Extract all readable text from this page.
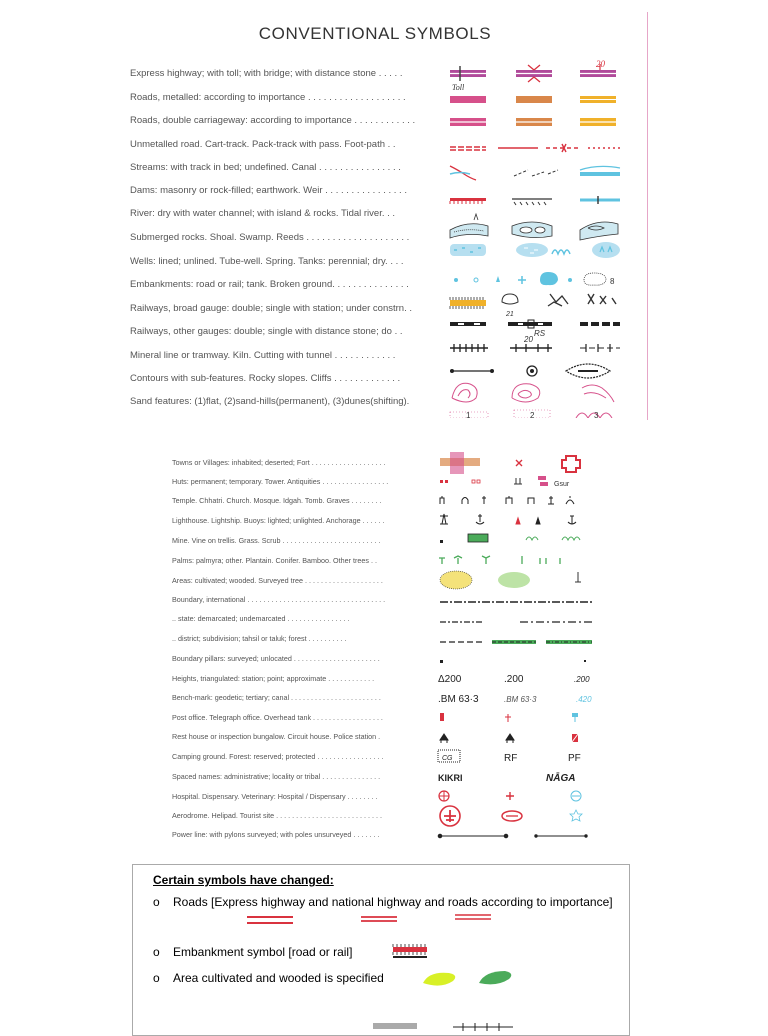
CONVENTIONAL SYMBOLS
Express highway; with toll; with bridge; with distance stone . . . . .
Roads, metalled: according to importance . . . . . . . . . . . . . . . . . . .
Roads, double carriageway: according to importance . . . . . . . . . . . .
Unmetalled road. Cart-track. Pack-track with pass. Foot-path . .
Streams: with track in bed; undefined. Canal . . . . . . . . . . . . . . . .
Dams: masonry or rock-filled; earthwork. Weir . . . . . . . . . . . . . . . .
River: dry with water channel; with island & rocks. Tidal river. . .
Submerged rocks. Shoal. Swamp. Reeds . . . . . . . . . . . . . . . . . . . .
Wells: lined; unlined. Tube-well. Spring. Tanks: perennial; dry. . . .
Embankments: road or rail; tank. Broken ground. . . . . . . . . . . . . . .
Railways, broad gauge: double; single with station; under constrn. .
Railways, other gauges: double; single with distance stone; do . .
Mineral line or tramway. Kiln. Cutting with tunnel . . . . . . . . . . . .
Contours with sub-features. Rocky slopes. Cliffs . . . . . . . . . . . . .
Sand features: (1)flat, (2)sand-hills(permanent), (3)dunes(shifting).
Toll
20
8
21
RS
20
1	2	3
Towns or Villages: inhabited; deserted; Fort . . . . . . . . . . . . . . . . . . .
Huts: permanent; temporary. Tower. Antiquities . . . . . . . . . . . . . . . . .
Temple. Chhatri. Church. Mosque. Idgah. Tomb. Graves . . . . . . . .
Lighthouse. Lightship. Buoys: lighted; unlighted. Anchorage . . . . . .
Mine. Vine on trellis. Grass. Scrub . . . . . . . . . . . . . . . . . . . . . . . . .
Palms: palmyra; other. Plantain. Conifer. Bamboo. Other trees . .
Areas: cultivated; wooded. Surveyed tree . . . . . . . . . . . . . . . . . . . .
Boundary, international . . . . . . . . . . . . . . . . . . . . . . . . . . . . . . . . . . .
.. state: demarcated; undemarcated . . . . . . . . . . . . . . . .
.. district; subdivision; tahsil or taluk; forest . . . . . . . . . .
Boundary pillars: surveyed; unlocated . . . . . . . . . . . . . . . . . . . . . .
Heights, triangulated: station; point; approximate . . . . . . . . . . . .
Bench-mark: geodetic; tertiary; canal . . . . . . . . . . . . . . . . . . . . . . .
Post office. Telegraph office. Overhead tank . . . . . . . . . . . . . . . . . .
Rest house or inspection bungalow. Circuit house. Police station .
Camping ground. Forest: reserved; protected . . . . . . . . . . . . . . . . .
Spaced names: administrative; locality or tribal . . . . . . . . . . . . . . .
Hospital. Dispensary. Veterinary: Hospital / Dispensary . . . . . . . .
Aerodrome. Helipad. Tourist site . . . . . . . . . . . . . . . . . . . . . . . . . . .
Power line: with pylons surveyed; with poles unsurveyed . . . . . . .
Gsur
Δ200	.200	.200
.BM 63·3	.BM 63·3	.420
CG	RF	PF
KIKRI	NĀGA
Certain symbols have changed:
o Roads [Express highway and national highway and roads according to importance]
o Embankment symbol [road or rail]
o Area cultivated and wooded is specified
